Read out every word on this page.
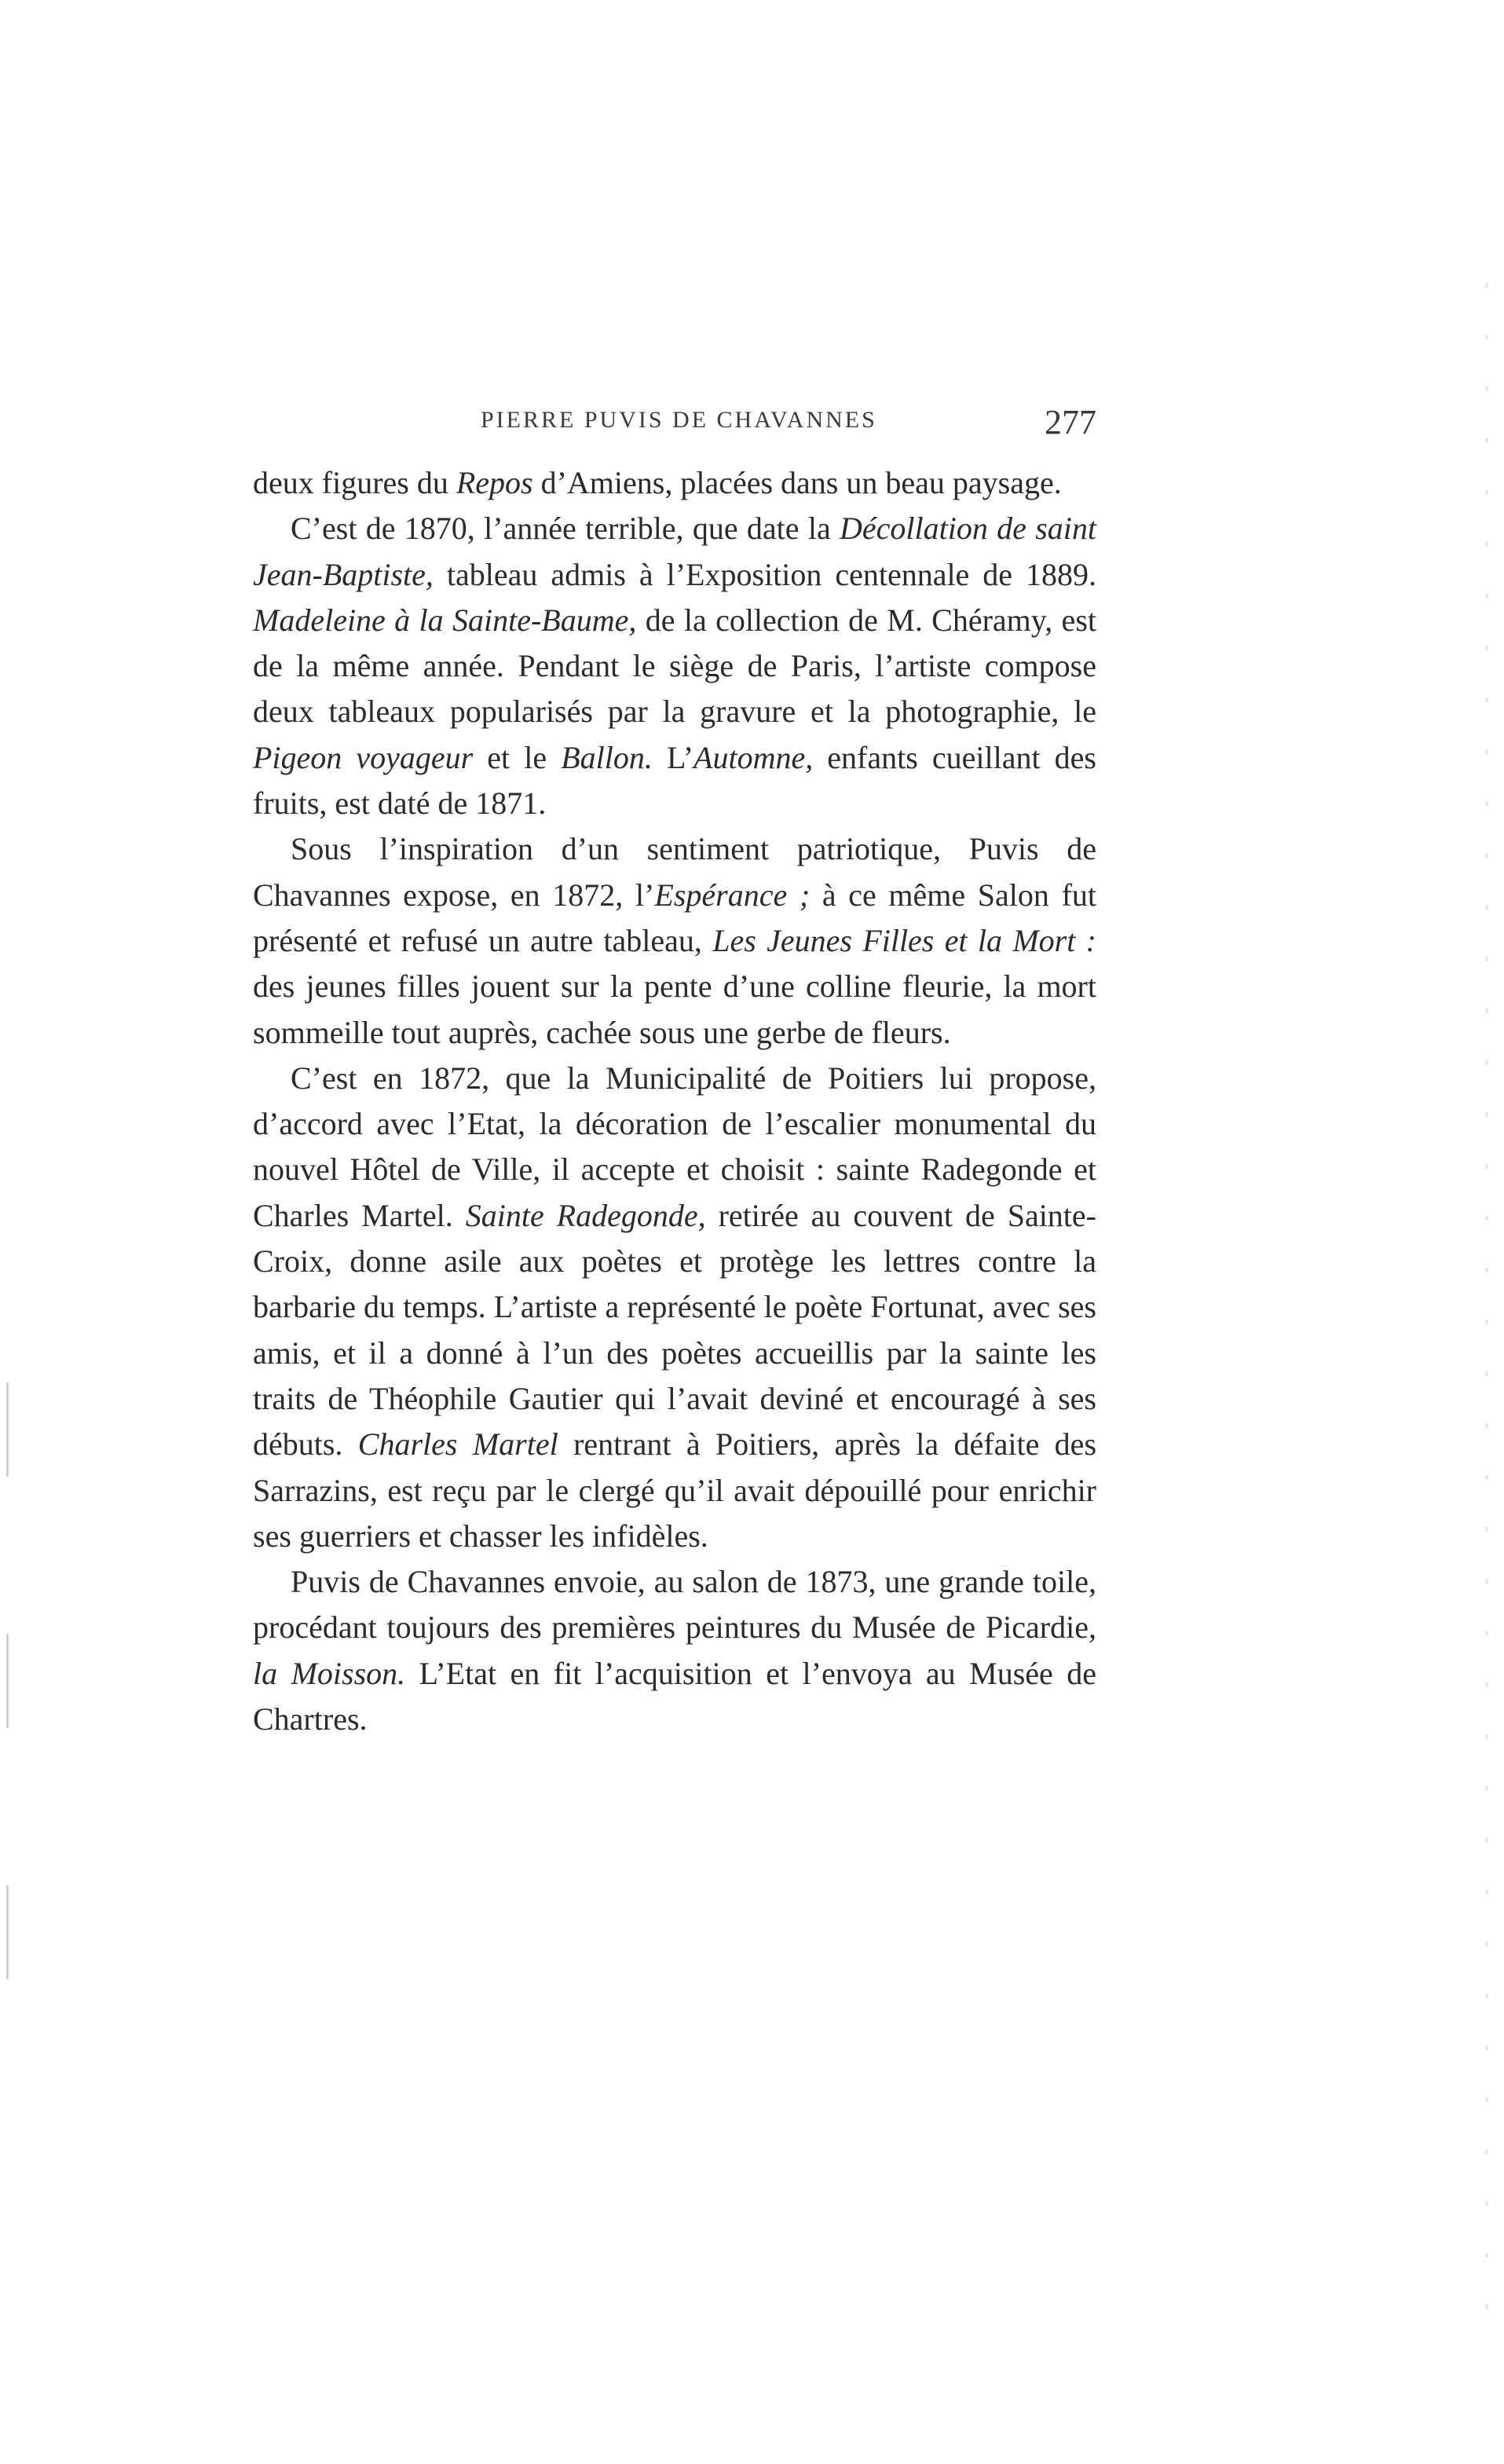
PIERRE PUVIS DE CHAVANNES	277

deux figures du Repos d’Amiens, placées dans un beau paysage.

C’est de 1870, l’année terrible, que date la Décollation de saint Jean-Baptiste, tableau admis à l’Exposition centennale de 1889. Madeleine à la Sainte-Baume, de la collection de M. Chéramy, est de la même année. Pendant le siège de Paris, l’artiste compose deux tableaux popularisés par la gravure et la photographie, le Pigeon voyageur et le Ballon. L’Automne, enfants cueillant des fruits, est daté de 1871.

Sous l’inspiration d’un sentiment patriotique, Puvis de Chavannes expose, en 1872, l’Espérance ; à ce même Salon fut présenté et refusé un autre tableau, Les Jeunes Filles et la Mort : des jeunes filles jouent sur la pente d’une colline fleurie, la mort sommeille tout auprès, cachée sous une gerbe de fleurs.

C’est en 1872, que la Municipalité de Poitiers lui propose, d’accord avec l’Etat, la décoration de l’escalier monumental du nouvel Hôtel de Ville, il accepte et choisit : sainte Radegonde et Charles Martel. Sainte Radegonde, retirée au couvent de Sainte-Croix, donne asile aux poètes et protège les lettres contre la barbarie du temps. L’artiste a représenté le poète Fortunat, avec ses amis, et il a donné à l’un des poètes accueillis par la sainte les traits de Théophile Gautier qui l’avait deviné et encouragé à ses débuts. Charles Martel rentrant à Poitiers, après la défaite des Sarrazins, est reçu par le clergé qu’il avait dépouillé pour enrichir ses guerriers et chasser les infidèles.

Puvis de Chavannes envoie, au salon de 1873, une grande toile, procédant toujours des premières peintures du Musée de Picardie, la Moisson. L’Etat en fit l’acquisition et l’envoya au Musée de Chartres.
